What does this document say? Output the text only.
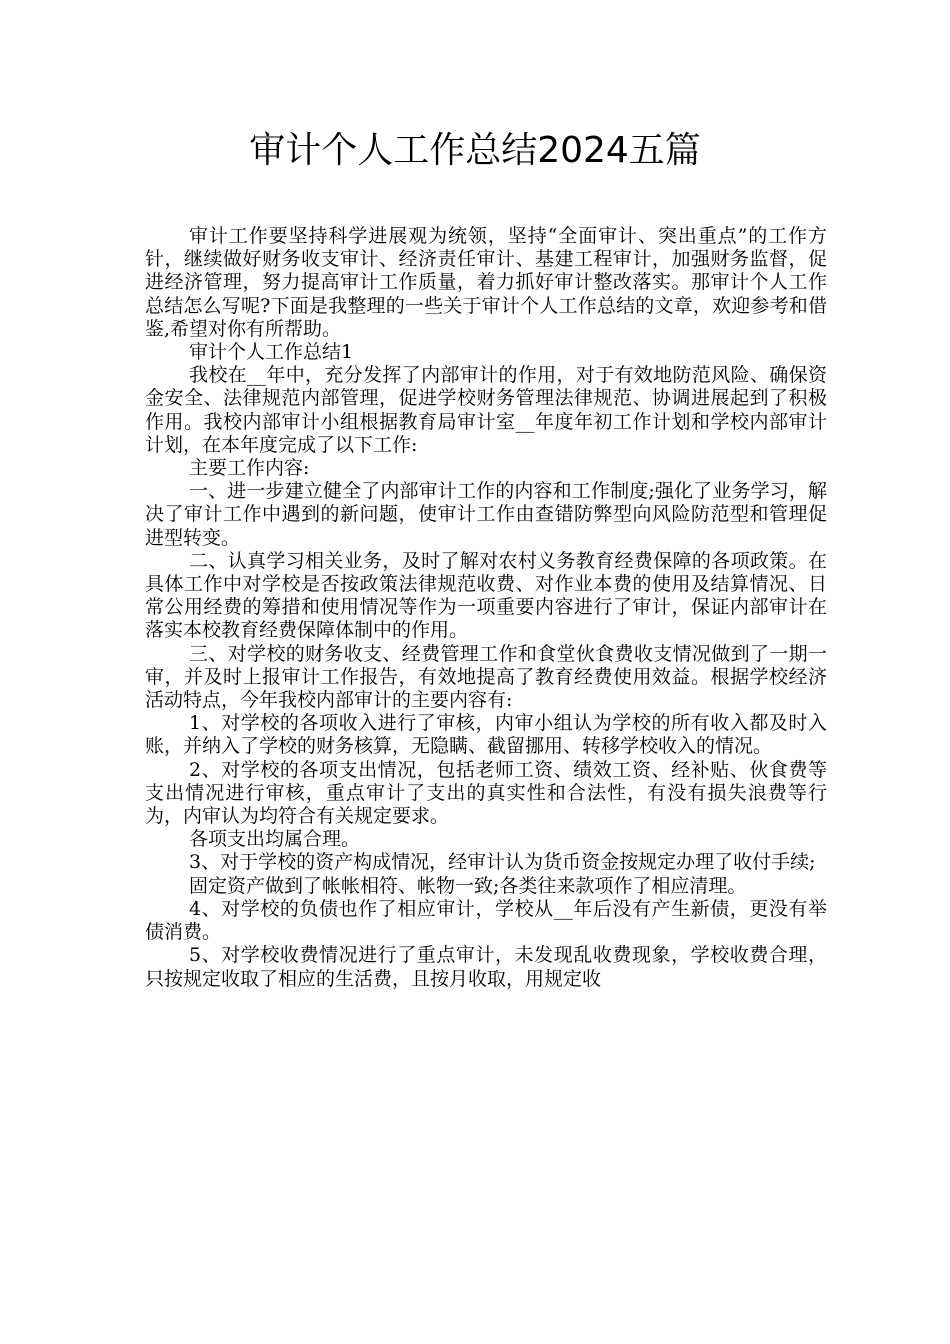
审计个人工作总结2024五篇

审计工作要坚持科学进展观为统领，坚持“全面审计、突出重点”的工作方针，继续做好财务收支审计、经济责任审计、基建工程审计，加强财务监督，促进经济管理，努力提高审计工作质量，着力抓好审计整改落实。那审计个人工作总结怎么写呢?下面是我整理的一些关于审计个人工作总结的文章，欢迎参考和借鉴,希望对你有所帮助。

审计个人工作总结1

我校在__年中，充分发挥了内部审计的作用，对于有效地防范风险、确保资金安全、法律规范内部管理，促进学校财务管理法律规范、协调进展起到了积极作用。我校内部审计小组根据教育局审计室__年度年初工作计划和学校内部审计计划，在本年度完成了以下工作:

主要工作内容:

一、进一步建立健全了内部审计工作的内容和工作制度;强化了业务学习，解决了审计工作中遇到的新问题，使审计工作由查错防弊型向风险防范型和管理促进型转变。

二、认真学习相关业务，及时了解对农村义务教育经费保障的各项政策。在具体工作中对学校是否按政策法律规范收费、对作业本费的使用及结算情况、日常公用经费的筹措和使用情况等作为一项重要内容进行了审计，保证内部审计在落实本校教育经费保障体制中的作用。

三、对学校的财务收支、经费管理工作和食堂伙食费收支情况做到了一期一审，并及时上报审计工作报告，有效地提高了教育经费使用效益。根据学校经济活动特点，今年我校内部审计的主要内容有:

1、对学校的各项收入进行了审核，内审小组认为学校的所有收入都及时入账，并纳入了学校的财务核算，无隐瞒、截留挪用、转移学校收入的情况。

2、对学校的各项支出情况，包括老师工资、绩效工资、经补贴、伙食费等支出情况进行审核，重点审计了支出的真实性和合法性，有没有损失浪费等行为，内审认为均符合有关规定要求。

各项支出均属合理。

3、对于学校的资产构成情况，经审计认为货币资金按规定办理了收付手续;

固定资产做到了帐帐相符、帐物一致;各类往来款项作了相应清理。

4、对学校的负债也作了相应审计，学校从__年后没有产生新债，更没有举债消费。

5、对学校收费情况进行了重点审计，未发现乱收费现象，学校收费合理，只按规定收取了相应的生活费，且按月收取，用规定收
